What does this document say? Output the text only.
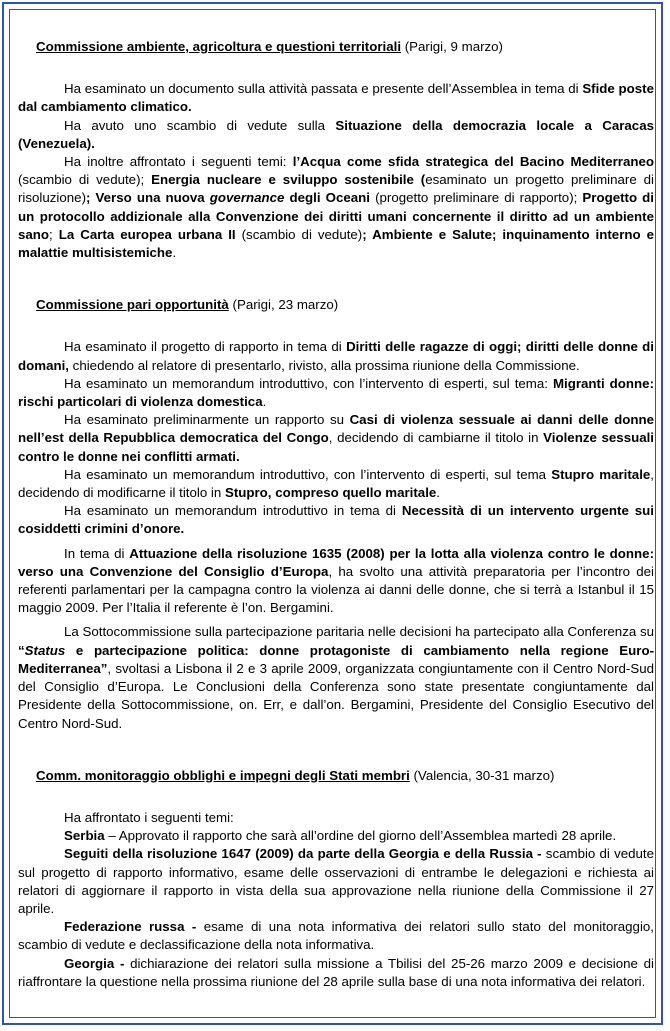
Commissione ambiente, agricoltura e questioni territoriali (Parigi, 9 marzo)

Ha esaminato un documento sulla attività passata e presente dell’Assemblea in tema di Sfide poste dal cambiamento climatico.

Ha avuto uno scambio di vedute sulla Situazione della democrazia locale a Caracas (Venezuela).

Ha inoltre affrontato i seguenti temi: l’Acqua come sfida strategica del Bacino Mediterraneo (scambio di vedute); Energia nucleare e sviluppo sostenibile (esaminato un progetto preliminare di risoluzione); Verso una nuova governance degli Oceani (progetto preliminare di rapporto); Progetto di un protocollo addizionale alla Convenzione dei diritti umani concernente il diritto ad un ambiente sano; La Carta europea urbana II (scambio di vedute); Ambiente e Salute; inquinamento interno e malattie multisistemiche.

Commissione pari opportunità (Parigi, 23 marzo)

Ha esaminato il progetto di rapporto in tema di Diritti delle ragazze di oggi; diritti delle donne di domani, chiedendo al relatore di presentarlo, rivisto, alla prossima riunione della Commissione.

Ha esaminato un memorandum introduttivo, con l’intervento di esperti, sul tema: Migranti donne: rischi particolari di violenza domestica.

Ha esaminato preliminarmente un rapporto su Casi di violenza sessuale ai danni delle donne nell’est della Repubblica democratica del Congo, decidendo di cambiarne il titolo in Violenze sessuali contro le donne nei conflitti armati.

Ha esaminato un memorandum introduttivo, con l’intervento di esperti, sul tema Stupro maritale, decidendo di modificarne il titolo in Stupro, compreso quello maritale.

Ha esaminato un memorandum introduttivo in tema di Necessità di un intervento urgente sui cosiddetti crimini d’onore.

In tema di Attuazione della risoluzione 1635 (2008) per la lotta alla violenza contro le donne: verso una Convenzione del Consiglio d’Europa, ha svolto una attività preparatoria per l’incontro dei referenti parlamentari per la campagna contro la violenza ai danni delle donne, che si terrà a Istanbul il 15 maggio 2009. Per l’Italia il referente è l’on. Bergamini.

La Sottocommissione sulla partecipazione paritaria nelle decisioni ha partecipato alla Conferenza su “Status e partecipazione politica: donne protagoniste di cambiamento nella regione Euro-Mediterranea”, svoltasi a Lisbona il 2 e 3 aprile 2009, organizzata congiuntamente con il Centro Nord-Sud del Consiglio d’Europa. Le Conclusioni della Conferenza sono state presentate congiuntamente dal Presidente della Sottocommissione, on. Err, e dall’on. Bergamini, Presidente del Consiglio Esecutivo del Centro Nord-Sud.

Comm. monitoraggio obblighi e impegni degli Stati membri (Valencia, 30-31 marzo)

Ha affrontato i seguenti temi:

Serbia – Approvato il rapporto che sarà all’ordine del giorno dell’Assemblea martedì 28 aprile.

Seguiti della risoluzione 1647 (2009) da parte della Georgia e della Russia - scambio di vedute sul progetto di rapporto informativo, esame delle osservazioni di entrambe le delegazioni e richiesta ai relatori di aggiornare il rapporto in vista della sua approvazione nella riunione della Commissione il 27 aprile.

Federazione russa - esame di una nota informativa dei relatori sullo stato del monitoraggio, scambio di vedute e declassificazione della nota informativa.

Georgia - dichiarazione dei relatori sulla missione a Tbilisi del 25-26 marzo 2009 e decisione di riaffrontare la questione nella prossima riunione del 28 aprile sulla base di una nota informativa dei relatori.
